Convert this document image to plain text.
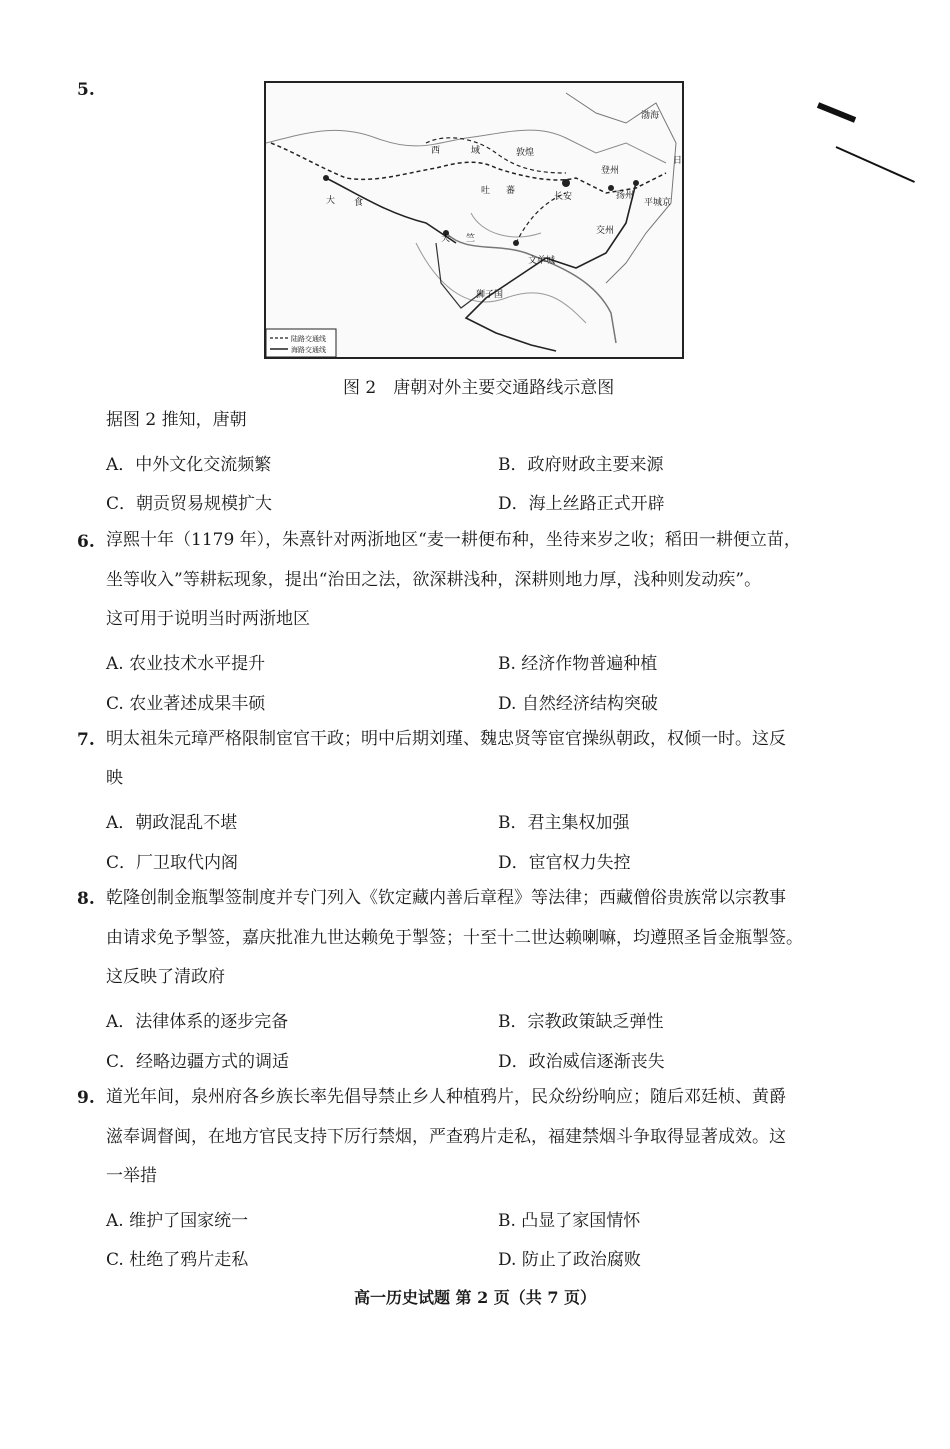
5.
西	域	敦煌
渤海
日
大 食
吐 蕃
长安
天 竺
文单城
交州
登州
扬州
平城京
狮子国
陆路交通线
海路交通线
图 2　唐朝对外主要交通路线示意图
据图 2 推知，唐朝
A．中外文化交流频繁	B．政府财政主要来源
C．朝贡贸易规模扩大	D．海上丝路正式开辟
6. 淳熙十年（1179 年），朱熹针对两浙地区“麦一耕便布种，坐待来岁之收；稻田一耕便立苗，
坐等收入”等耕耘现象，提出“治田之法，欲深耕浅种，深耕则地力厚，浅种则发动疾”。
这可用于说明当时两浙地区
A. 农业技术水平提升	B. 经济作物普遍种植
C. 农业著述成果丰硕	D. 自然经济结构突破
7. 明太祖朱元璋严格限制宦官干政；明中后期刘瑾、魏忠贤等宦官操纵朝政，权倾一时。这反
映
A．朝政混乱不堪	B．君主集权加强
C．厂卫取代内阁	D．宦官权力失控
8. 乾隆创制金瓶掣签制度并专门列入《钦定藏内善后章程》等法律；西藏僧俗贵族常以宗教事
由请求免予掣签，嘉庆批准九世达赖免于掣签；十至十二世达赖喇嘛，均遵照圣旨金瓶掣签。
这反映了清政府
A．法律体系的逐步完备	B．宗教政策缺乏弹性
C．经略边疆方式的调适	D．政治威信逐渐丧失
9. 道光年间，泉州府各乡族长率先倡导禁止乡人种植鸦片，民众纷纷响应；随后邓廷桢、黄爵
滋奉调督闽，在地方官民支持下厉行禁烟，严查鸦片走私，福建禁烟斗争取得显著成效。这
一举措
A. 维护了国家统一	B. 凸显了家国情怀
C. 杜绝了鸦片走私	D. 防止了政治腐败
高一历史试题 第 2 页（共 7 页）
